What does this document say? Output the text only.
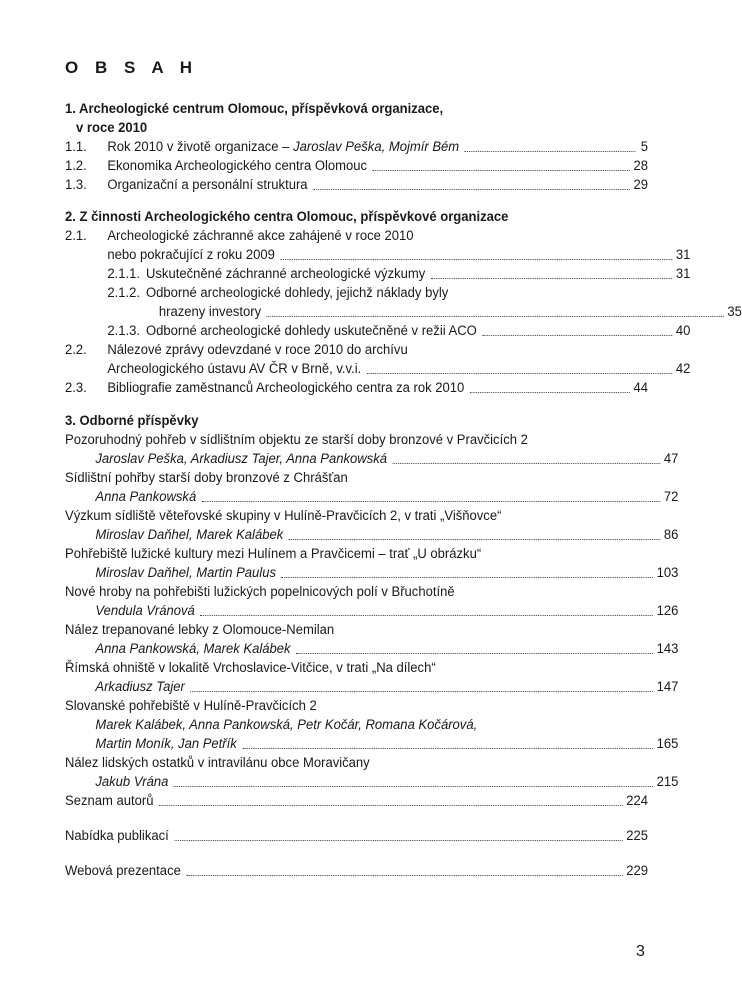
O B S A H
1. Archeologické centrum Olomouc, příspěvková organizace,
v roce 2010
1.1.	Rok 2010 v životě organizace – Jaroslav Peška, Mojmír Bém	5
1.2.	Ekonomika Archeologického centra Olomouc	28
1.3.	Organizační a personální struktura	29
2. Z činnosti Archeologického centra Olomouc, příspěvkové organizace
2.1.	Archeologické záchranné akce zahájené v roce 2010
nebo pokračující z roku 2009	31
2.1.1. Uskutečněné záchranné archeologické výzkumy	31
2.1.2. Odborné archeologické dohledy, jejichž náklady byly
hrazeny investory	35
2.1.3. Odborné archeologické dohledy uskutečněné v režii ACO	40
2.2.	Nálezové zprávy odevzdané v roce 2010 do archívu
Archeologického ústavu AV ČR v Brně, v.v.i.	42
2.3.	Bibliografie zaměstnanců Archeologického centra za rok 2010	44
3. Odborné příspěvky
Pozoruhodný pohřeb v sídlištním objektu ze starší doby bronzové v Pravčicích 2
Jaroslav Peška, Arkadiusz Tajer, Anna Pankowská	47
Sídlištní pohřby starší doby bronzové z Chrášťan
Anna Pankowská	72
Výzkum sídliště věteřovské skupiny v Hulíně-Pravčicích 2, v trati „Višňovce“
Miroslav Daňhel, Marek Kalábek	86
Pohřebiště lužické kultury mezi Hulínem a Pravčicemi – trať „U obrázku“
Miroslav Daňhel, Martin Paulus	103
Nové hroby na pohřebišti lužických popelnicových polí v Břuchotíně
Vendula Vránová	126
Nález trepanované lebky z Olomouce-Nemilan
Anna Pankowská, Marek Kalábek	143
Římská ohniště v lokalitě Vrchoslavice-Vitčice, v trati „Na dílech“
Arkadiusz Tajer	147
Slovanské pohřebiště v Hulíně-Pravčicích 2
Marek Kalábek, Anna Pankowská, Petr Kočár, Romana Kočárová,
Martin Moník, Jan Petřík	165
Nález lidských ostatků v intravilánu obce Moravičany
Jakub Vrána	215
Seznam autorů	224
Nabídka publikací	225
Webová prezentace	229
3
